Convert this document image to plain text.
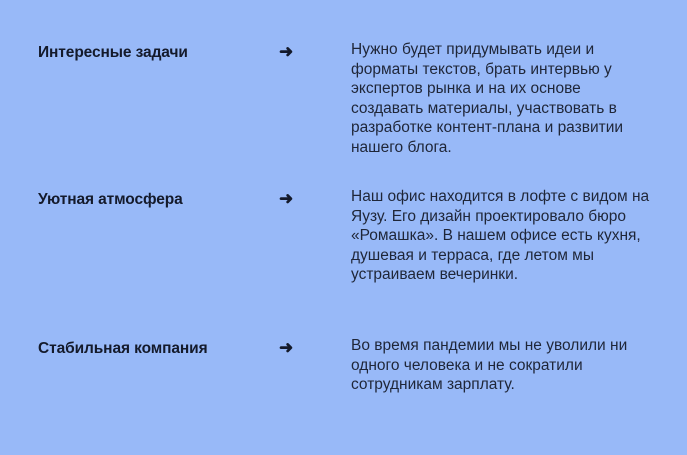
Интересные задачи	➜	Нужно будет придумывать идеи и форматы текстов, брать интервью у экспертов рынка и на их основе создавать материалы, участвовать в разработке контент-плана и развитии нашего блога.
Уютная атмосфера	➜	Наш офис находится в лофте с видом на Яузу. Его дизайн проектировало бюро «Ромашка». В нашем офисе есть кухня, душевая и терраса, где летом мы устраиваем вечеринки.
Стабильная компания	➜	Во время пандемии мы не уволили ни одного человека и не сократили сотрудникам зарплату.
